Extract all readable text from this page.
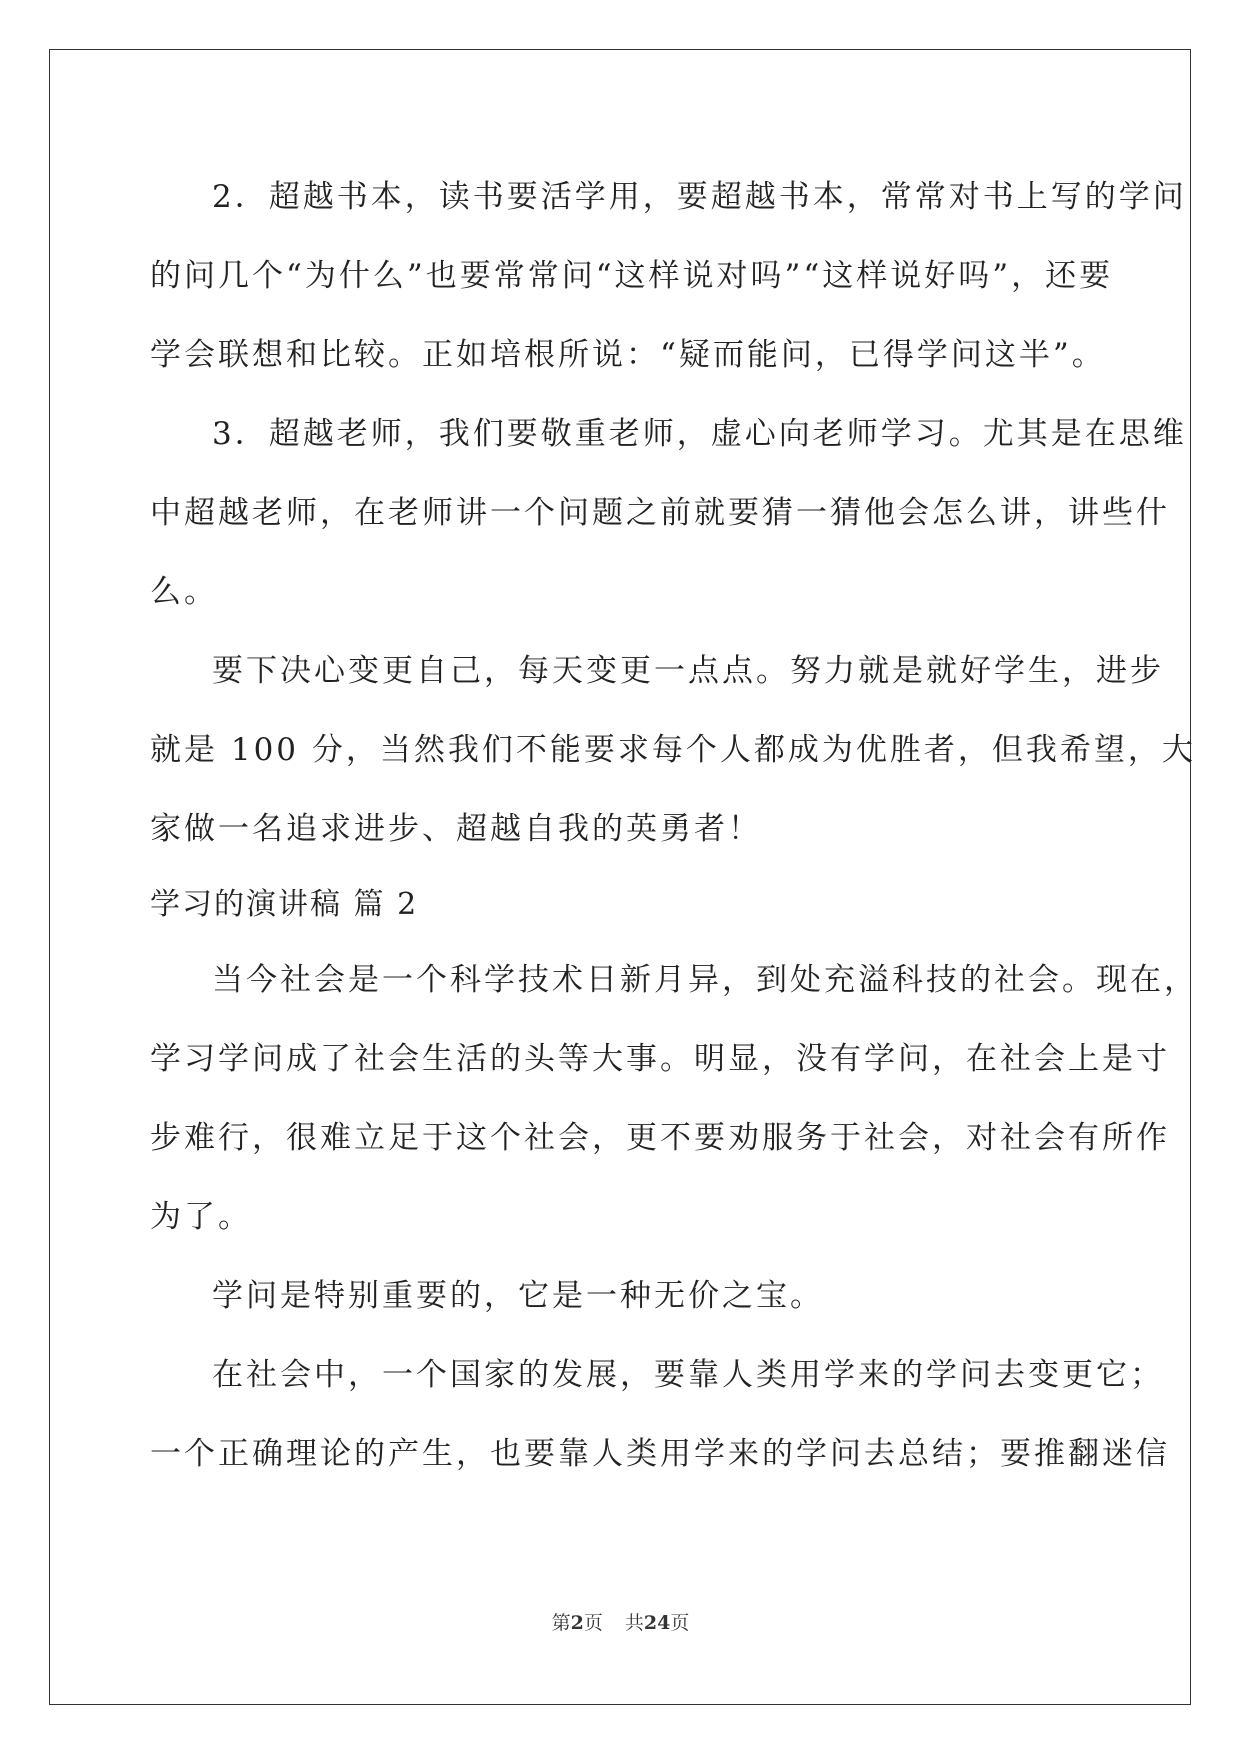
2．超越书本，读书要活学用，要超越书本，常常对书上写的学问
的问几个“为什么”也要常常问“这样说对吗”“这样说好吗”，还要
学会联想和比较。正如培根所说：“疑而能问，已得学问这半”。
3．超越老师，我们要敬重老师，虚心向老师学习。尤其是在思维
中超越老师，在老师讲一个问题之前就要猜一猜他会怎么讲，讲些什
么。
要下决心变更自己，每天变更一点点。努力就是就好学生，进步
就是 100 分，当然我们不能要求每个人都成为优胜者，但我希望，大
家做一名追求进步、超越自我的英勇者！
学习的演讲稿 篇 2
当今社会是一个科学技术日新月异，到处充溢科技的社会。现在，
学习学问成了社会生活的头等大事。明显，没有学问，在社会上是寸
步难行，很难立足于这个社会，更不要劝服务于社会，对社会有所作
为了。
学问是特别重要的，它是一种无价之宝。
在社会中，一个国家的发展，要靠人类用学来的学问去变更它；
一个正确理论的产生，也要靠人类用学来的学问去总结；要推翻迷信
第2页 共24页
